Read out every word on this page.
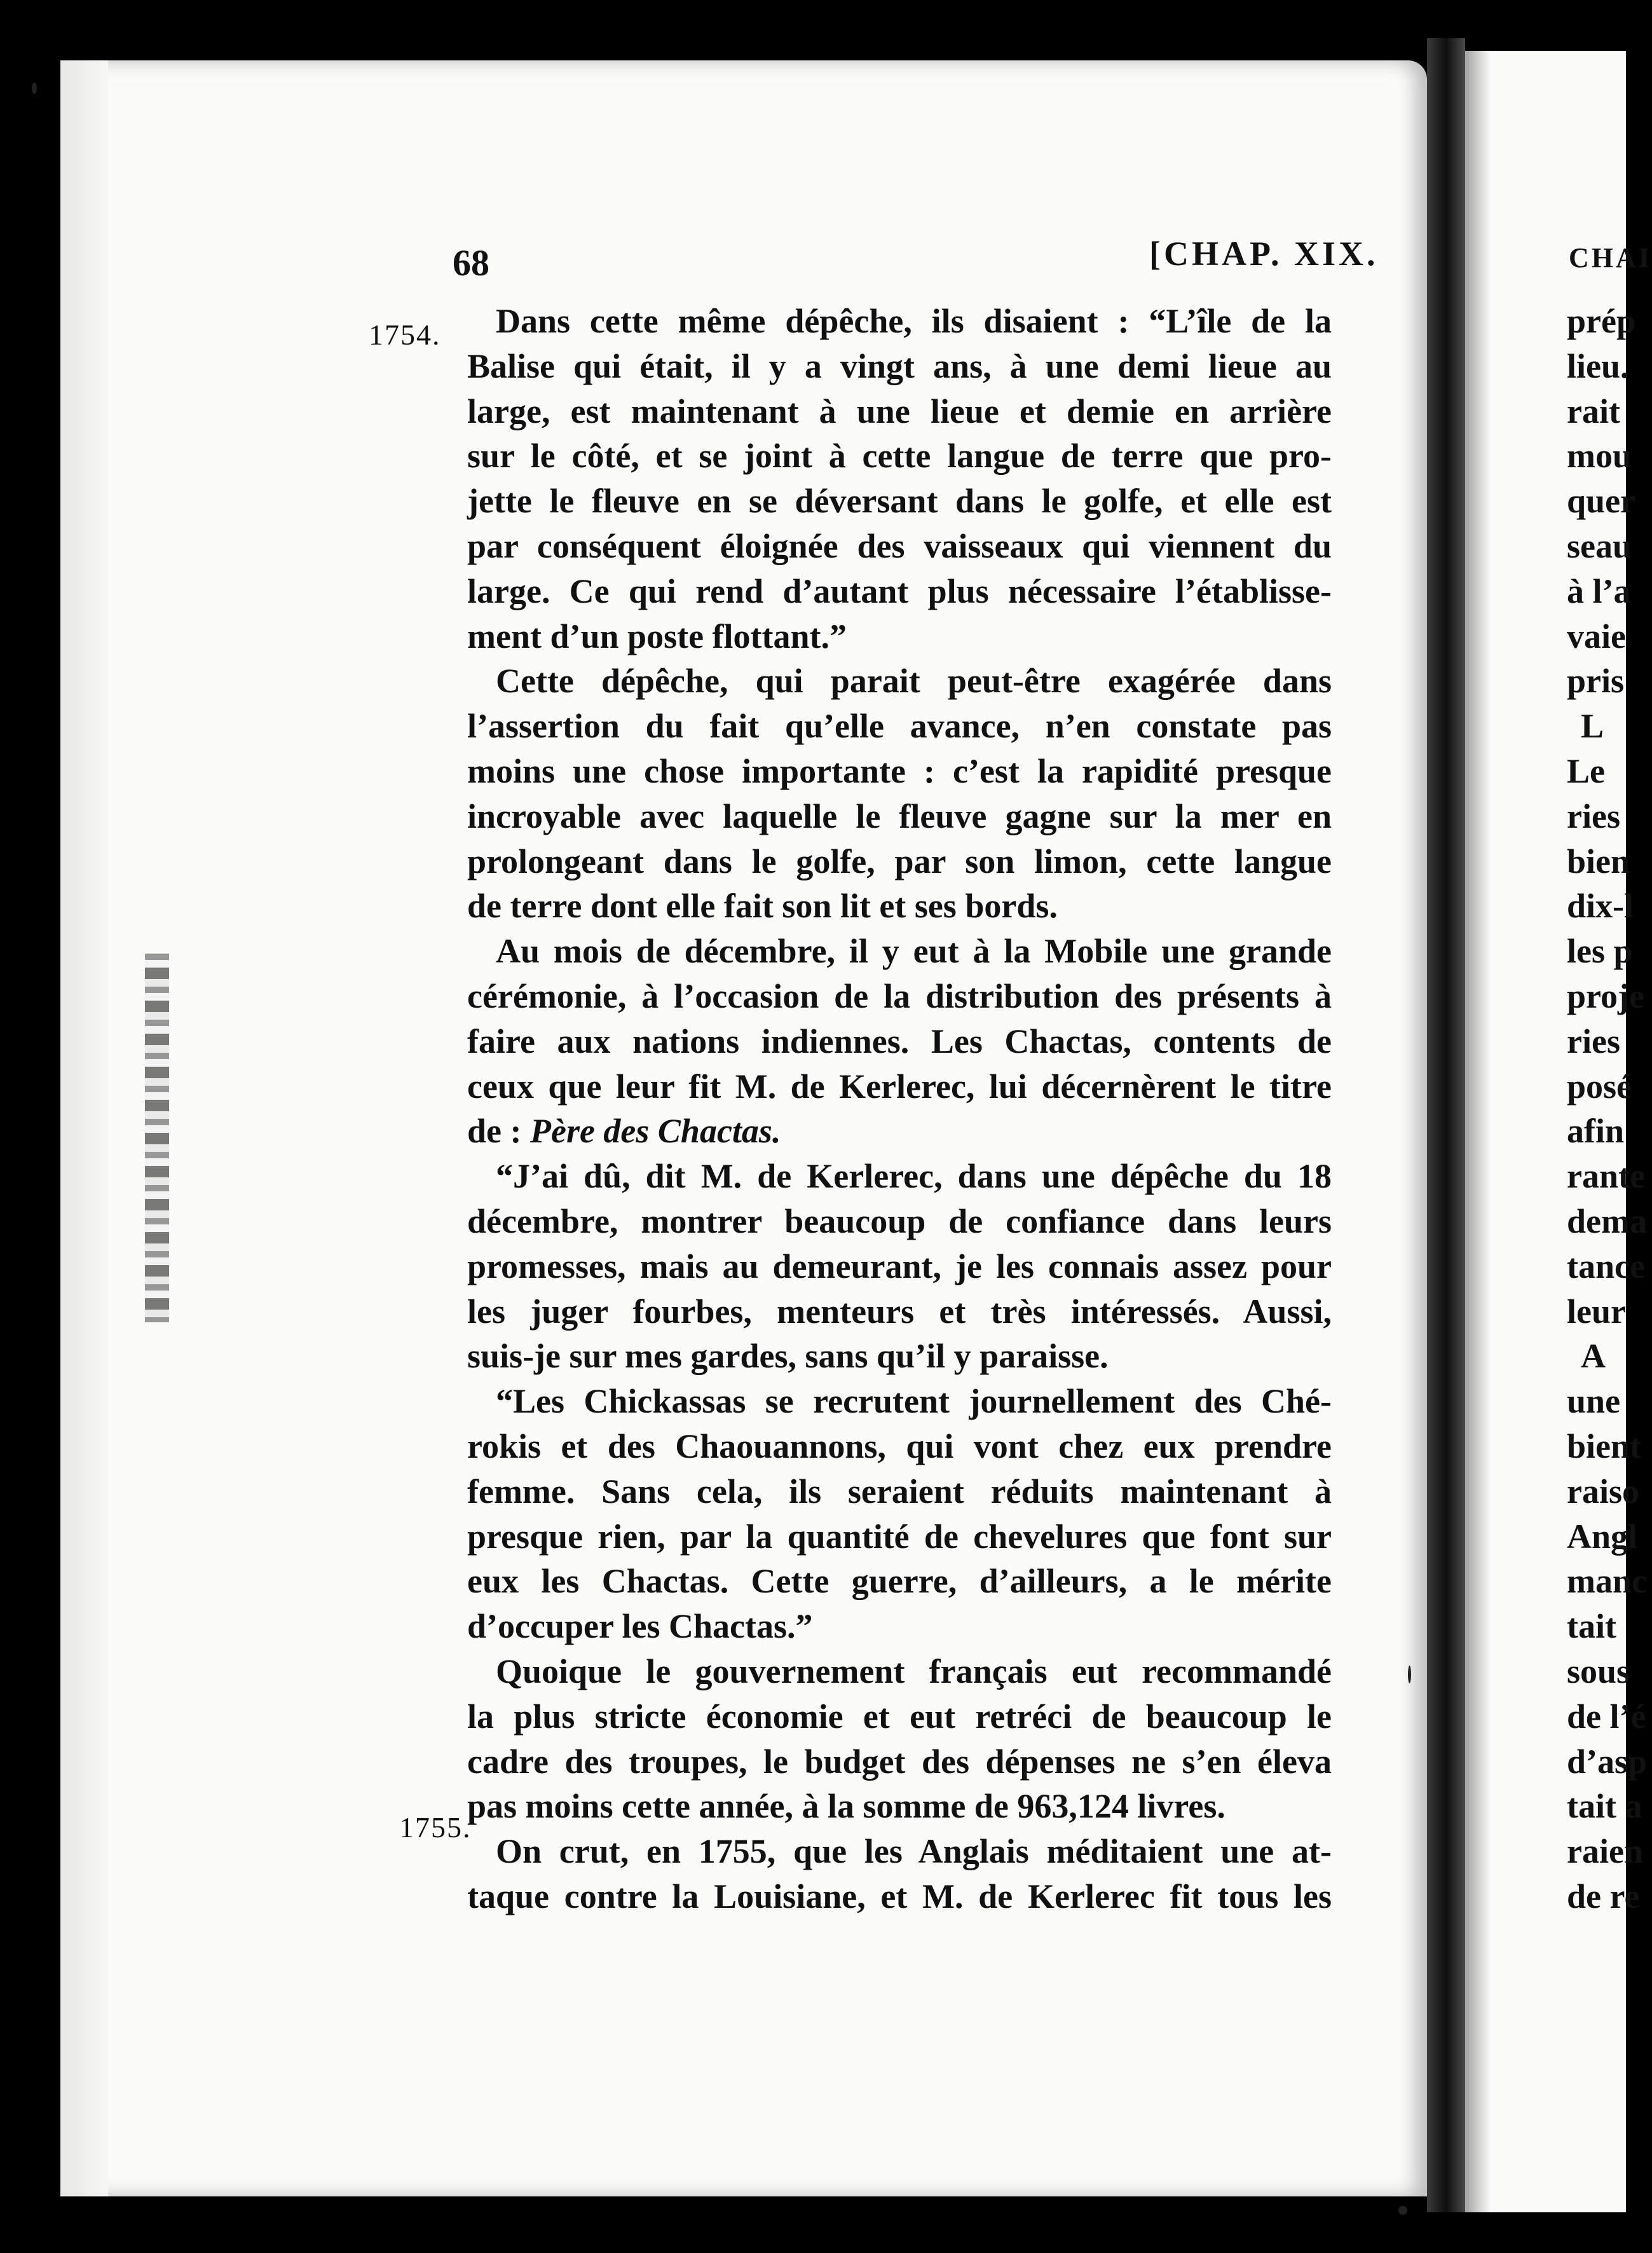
68	[CHAP. XIX.
1754.
1755.
Dans cette même dépêche, ils disaient : “L’île de la
Balise qui était, il y a vingt ans, à une demi lieue au
large, est maintenant à une lieue et demie en arrière
sur le côté, et se joint à cette langue de terre que pro-
jette le fleuve en se déversant dans le golfe, et elle est
par conséquent éloignée des vaisseaux qui viennent du
large. Ce qui rend d’autant plus nécessaire l’établisse-
ment d’un poste flottant.”
Cette dépêche, qui parait peut-être exagérée dans
l’assertion du fait qu’elle avance, n’en constate pas
moins une chose importante : c’est la rapidité presque
incroyable avec laquelle le fleuve gagne sur la mer en
prolongeant dans le golfe, par son limon, cette langue
de terre dont elle fait son lit et ses bords.
Au mois de décembre, il y eut à la Mobile une grande
cérémonie, à l’occasion de la distribution des présents à
faire aux nations indiennes. Les Chactas, contents de
ceux que leur fit M. de Kerlerec, lui décernèrent le titre
de : Père des Chactas.
“J’ai dû, dit M. de Kerlerec, dans une dépêche du 18
décembre, montrer beaucoup de confiance dans leurs
promesses, mais au demeurant, je les connais assez pour
les juger fourbes, menteurs et très intéressés. Aussi,
suis-je sur mes gardes, sans qu’il y paraisse.
“Les Chickassas se recrutent journellement des Ché-
rokis et des Chaouannons, qui vont chez eux prendre
femme. Sans cela, ils seraient réduits maintenant à
presque rien, par la quantité de chevelures que font sur
eux les Chactas. Cette guerre, d’ailleurs, a le mérite
d’occuper les Chactas.”
Quoique le gouvernement français eut recommandé
la plus stricte économie et eut retréci de beaucoup le
cadre des troupes, le budget des dépenses ne s’en éleva
pas moins cette année, à la somme de 963,124 livres.
On crut, en 1755, que les Anglais méditaient une at-
taque contre la Louisiane, et M. de Kerlerec fit tous les
CHAI
prép
lieu.
rait
mou
quer
seau
à l’a
vaie
pris
L
Le
ries
bien
dix-l
les p
proje
ries
posé
afin
rante
dema
tance
leur
A
une
bient
raiso
Angl
manc
tait
sous
de l’é
d’asp
tait a
raien
de re
